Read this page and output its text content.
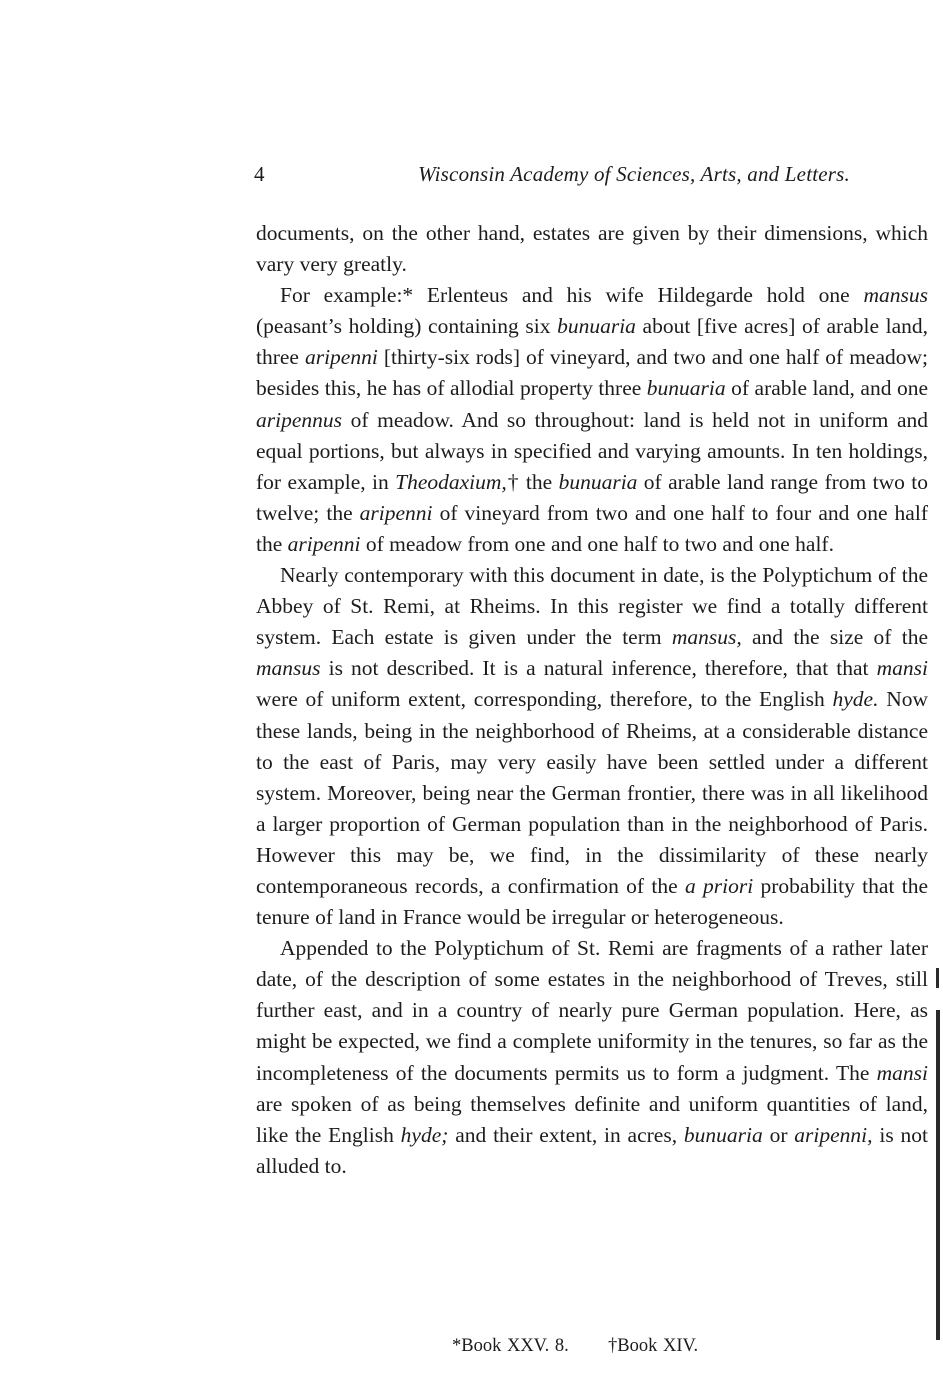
4	Wisconsin Academy of Sciences, Arts, and Letters.

documents, on the other hand, estates are given by their dimensions, which vary very greatly.

For example:* Erlenteus and his wife Hildegarde hold one mansus (peasant’s holding) containing six bunuaria about [five acres] of arable land, three aripenni [thirty-six rods] of vineyard, and two and one half of meadow; besides this, he has of allodial property three bunuaria of arable land, and one aripennus of meadow. And so throughout: land is held not in uniform and equal portions, but always in specified and varying amounts. In ten holdings, for example, in Theodaxium,† the bunuaria of arable land range from two to twelve; the aripenni of vineyard from two and one half to four and one half the aripenni of meadow from one and one half to two and one half.

Nearly contemporary with this document in date, is the Polyptichum of the Abbey of St. Remi, at Rheims. In this register we find a totally different system. Each estate is given under the term mansus, and the size of the mansus is not described. It is a natural inference, therefore, that that mansi were of uniform extent, corresponding, therefore, to the English hyde. Now these lands, being in the neighborhood of Rheims, at a considerable distance to the east of Paris, may very easily have been settled under a different system. Moreover, being near the German frontier, there was in all likelihood a larger proportion of German population than in the neighborhood of Paris. However this may be, we find, in the dissimilarity of these nearly contemporaneous records, a confirmation of the a priori probability that the tenure of land in France would be irregular or heterogeneous.

Appended to the Polyptichum of St. Remi are fragments of a rather later date, of the description of some estates in the neighborhood of Treves, still further east, and in a country of nearly pure German population. Here, as might be expected, we find a complete uniformity in the tenures, so far as the incompleteness of the documents permits us to form a judgment. The mansi are spoken of as being themselves definite and uniform quantities of land, like the English hyde; and their extent, in acres, bunuaria or aripenni, is not alluded to.

*Book XXV. 8. †Book XIV.
